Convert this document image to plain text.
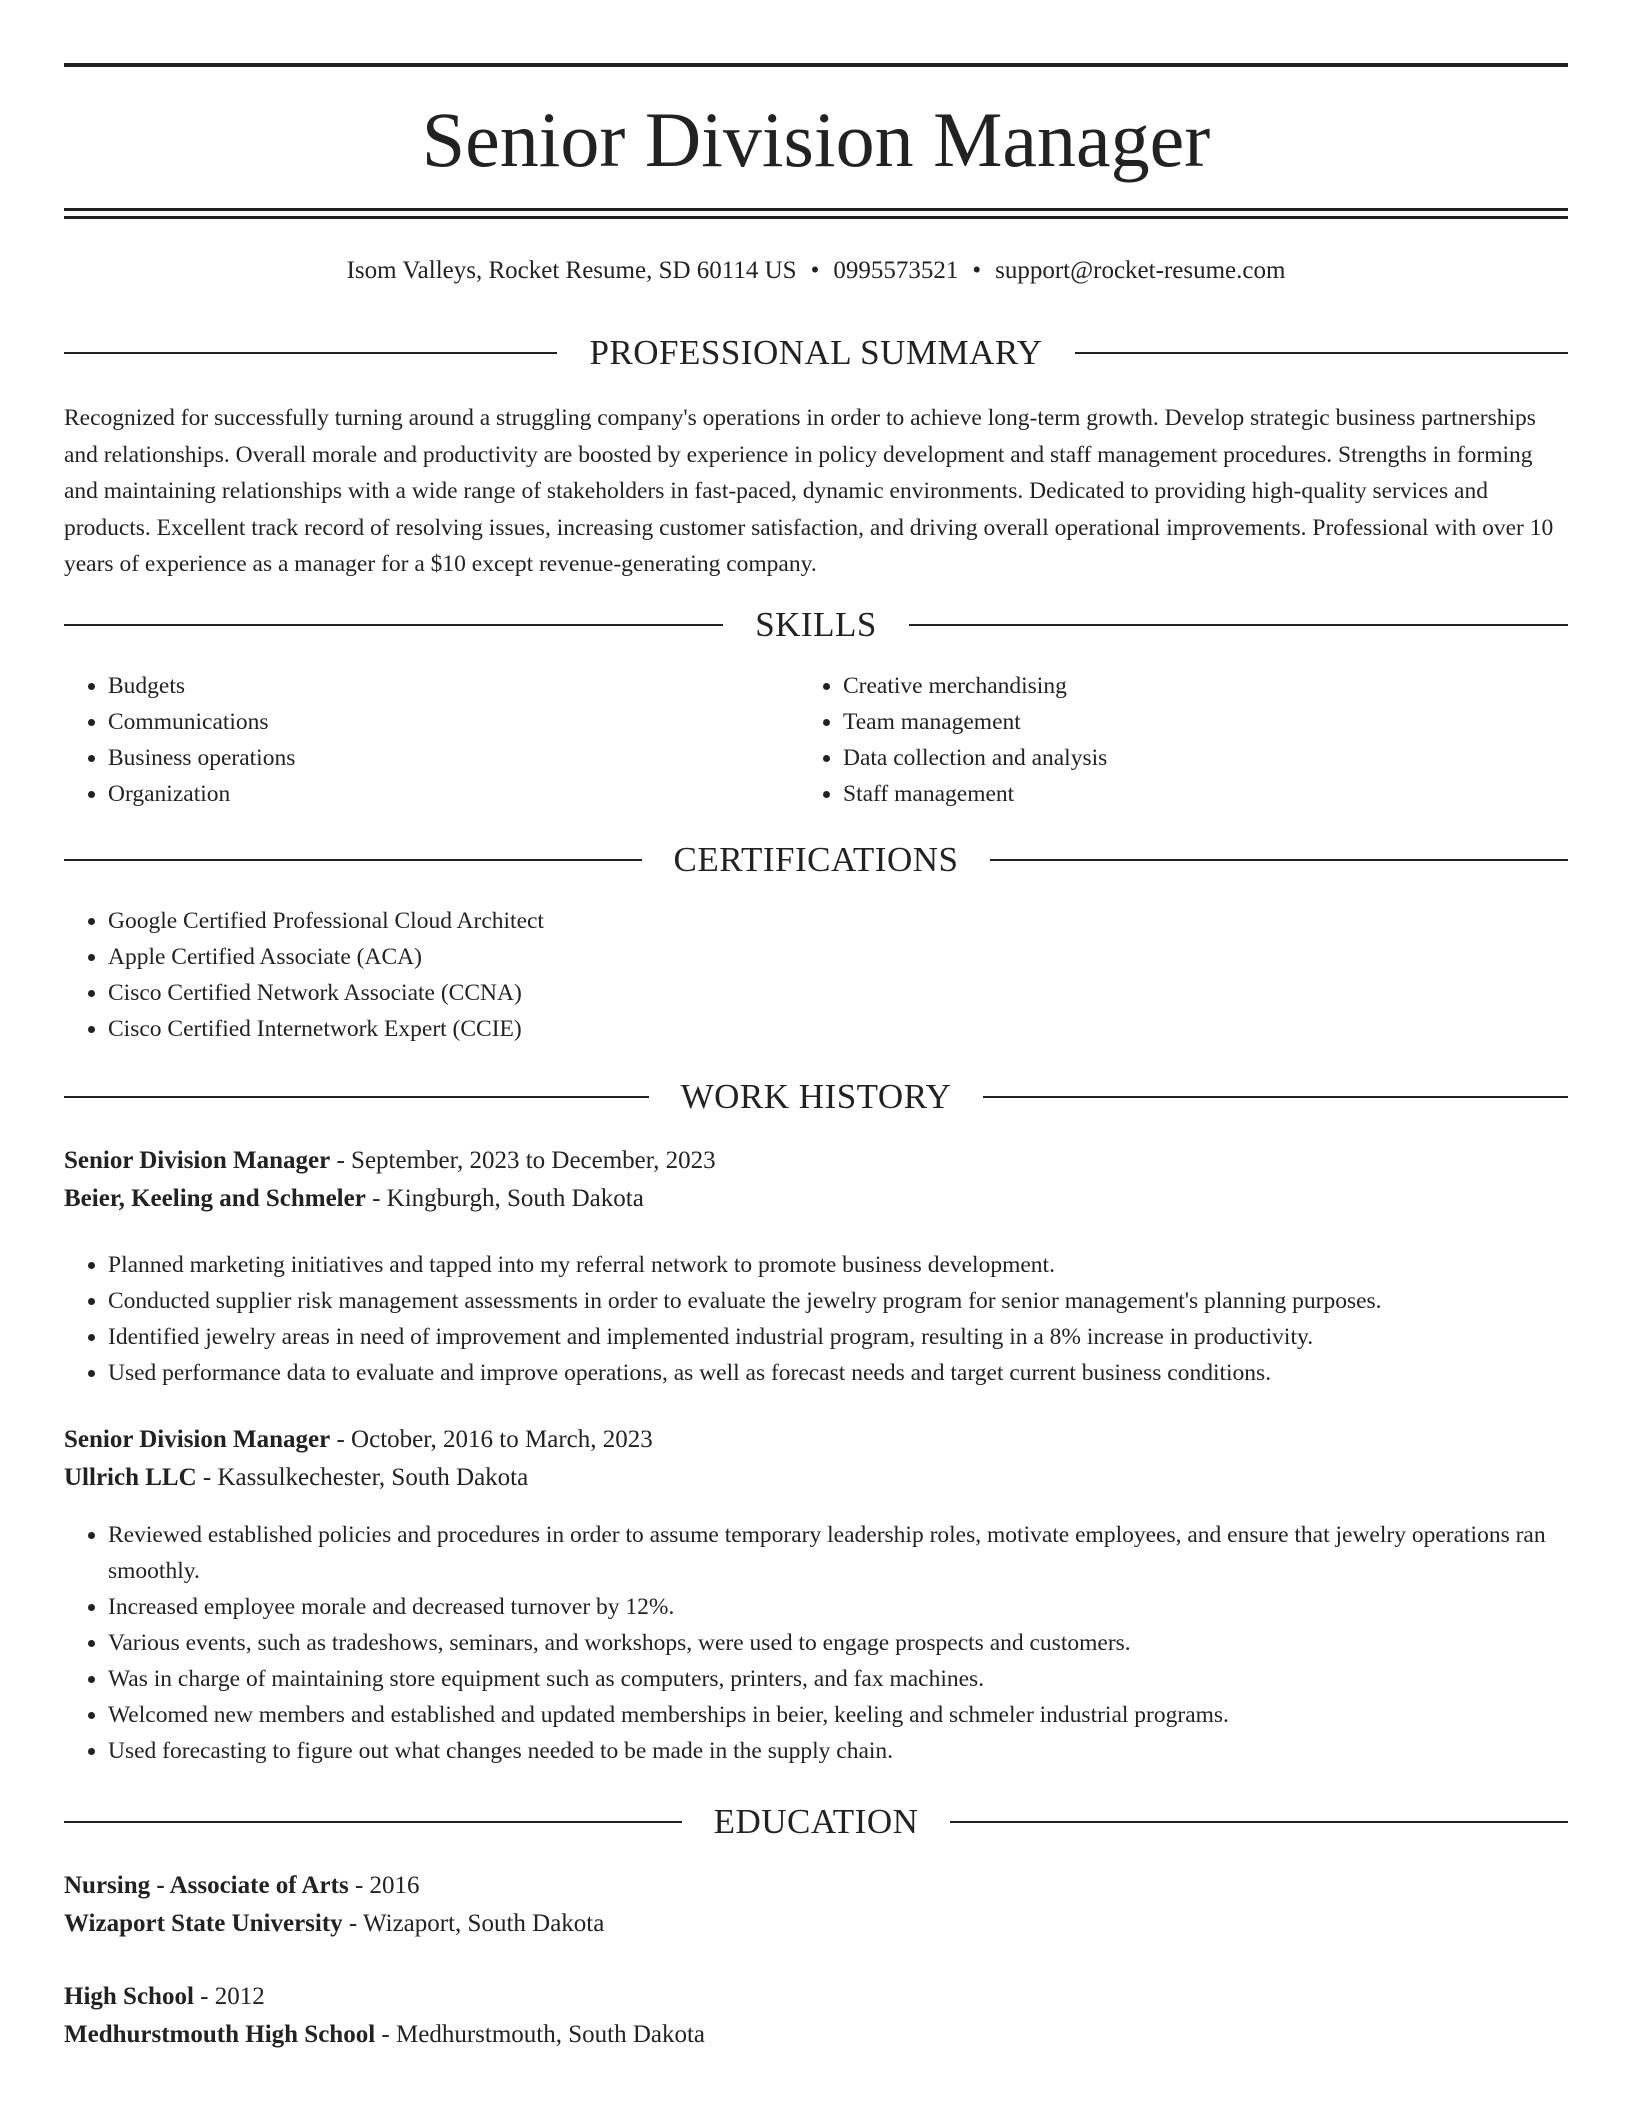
Senior Division Manager
Isom Valleys, Rocket Resume, SD 60114 US • 0995573521 • support@rocket-resume.com
PROFESSIONAL SUMMARY

Recognized for successfully turning around a struggling company's operations in order to achieve long-term growth. Develop strategic business partnerships and relationships. Overall morale and productivity are boosted by experience in policy development and staff management procedures. Strengths in forming and maintaining relationships with a wide range of stakeholders in fast-paced, dynamic environments. Dedicated to providing high-quality services and products. Excellent track record of resolving issues, increasing customer satisfaction, and driving overall operational improvements. Professional with over 10 years of experience as a manager for a $10 except revenue-generating company.

SKILLS
• Budgets
• Communications
• Business operations
• Organization
• Creative merchandising
• Team management
• Data collection and analysis
• Staff management
CERTIFICATIONS
• Google Certified Professional Cloud Architect
• Apple Certified Associate (ACA)
• Cisco Certified Network Associate (CCNA)
• Cisco Certified Internetwork Expert (CCIE)
WORK HISTORY

Senior Division Manager - September, 2023 to December, 2023

Beier, Keeling and Schmeler - Kingburgh, South Dakota

• Planned marketing initiatives and tapped into my referral network to promote business development.
• Conducted supplier risk management assessments in order to evaluate the jewelry program for senior management's planning purposes.
• Identified jewelry areas in need of improvement and implemented industrial program, resulting in a 8% increase in productivity.
• Used performance data to evaluate and improve operations, as well as forecast needs and target current business conditions.

Senior Division Manager - October, 2016 to March, 2023

Ullrich LLC - Kassulkechester, South Dakota

• Reviewed established policies and procedures in order to assume temporary leadership roles, motivate employees, and ensure that jewelry operations ran smoothly.
• Increased employee morale and decreased turnover by 12%.
• Various events, such as tradeshows, seminars, and workshops, were used to engage prospects and customers.
• Was in charge of maintaining store equipment such as computers, printers, and fax machines.
• Welcomed new members and established and updated memberships in beier, keeling and schmeler industrial programs.
• Used forecasting to figure out what changes needed to be made in the supply chain.
EDUCATION

Nursing - Associate of Arts - 2016

Wizaport State University - Wizaport, South Dakota

High School - 2012

Medhurstmouth High School - Medhurstmouth, South Dakota
